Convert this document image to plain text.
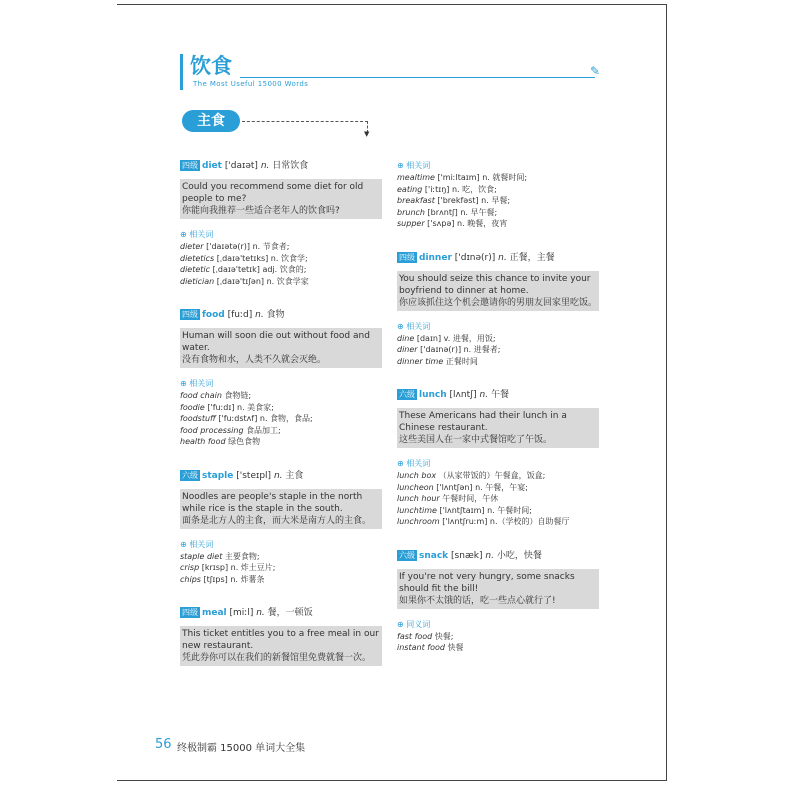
饮食
The Most Useful 15000 Words
✎
主食
▼
四级 diet ['daɪət] n. 日常饮食
Could you recommend some diet for old people to me?
你能向我推荐一些适合老年人的饮食吗?
⊕ 相关词
dieter ['daɪətə(r)] n. 节食者;
dietetics [ˌdaɪə'tetɪks] n. 饮食学;
dietetic [ˌdaɪə'tetɪk] adj. 饮食的;
dietician [ˌdaɪə'tɪʃən] n. 饮食学家
四级 food [fuːd] n. 食物
Human will soon die out without food and water.
没有食物和水，人类不久就会灭绝。
⊕ 相关词
food chain 食物链;
foodie ['fuːdɪ] n. 美食家;
foodstuff ['fuːdstʌf] n. 食物，食品;
food processing 食品加工;
health food 绿色食物
六级 staple ['steɪpl] n. 主食
Noodles are people's staple in the north while rice is the staple in the south.
面条是北方人的主食，而大米是南方人的主食。
⊕ 相关词
staple diet 主要食物;
crisp [krɪsp] n. 炸土豆片;
chips [tʃɪps] n. 炸薯条
四级 meal [miːl] n. 餐，一顿饭
This ticket entitles you to a free meal in our new restaurant.
凭此券你可以在我们的新餐馆里免费就餐一次。
⊕ 相关词
mealtime ['miːltaɪm] n. 就餐时间;
eating ['iːtɪŋ] n. 吃，饮食;
breakfast ['brekfəst] n. 早餐;
brunch [brʌntʃ] n. 早午餐;
supper ['sʌpə] n. 晚餐，夜宵
四级 dinner ['dɪnə(r)] n. 正餐，主餐
You should seize this chance to invite your boyfriend to dinner at home.
你应该抓住这个机会邀请你的男朋友回家里吃饭。
⊕ 相关词
dine [daɪn] v. 进餐，用饭;
diner ['daɪnə(r)] n. 进餐者;
dinner time 正餐时间
六级 lunch [lʌntʃ] n. 午餐
These Americans had their lunch in a Chinese restaurant.
这些美国人在一家中式餐馆吃了午饭。
⊕ 相关词
lunch box （从家带饭的）午餐盒，饭盒;
luncheon ['lʌntʃən] n. 午餐，午宴;
lunch hour 午餐时间，午休
lunchtime ['lʌntʃtaɪm] n. 午餐时间;
lunchroom ['lʌntʃruːm] n.（学校的）自助餐厅
六级 snack [snæk] n. 小吃，快餐
If you're not very hungry, some snacks should fit the bill!
如果你不太饿的话，吃一些点心就行了!
⊕ 同义词
fast food 快餐;
instant food 快餐
56 终极制霸 15000 单词大全集
